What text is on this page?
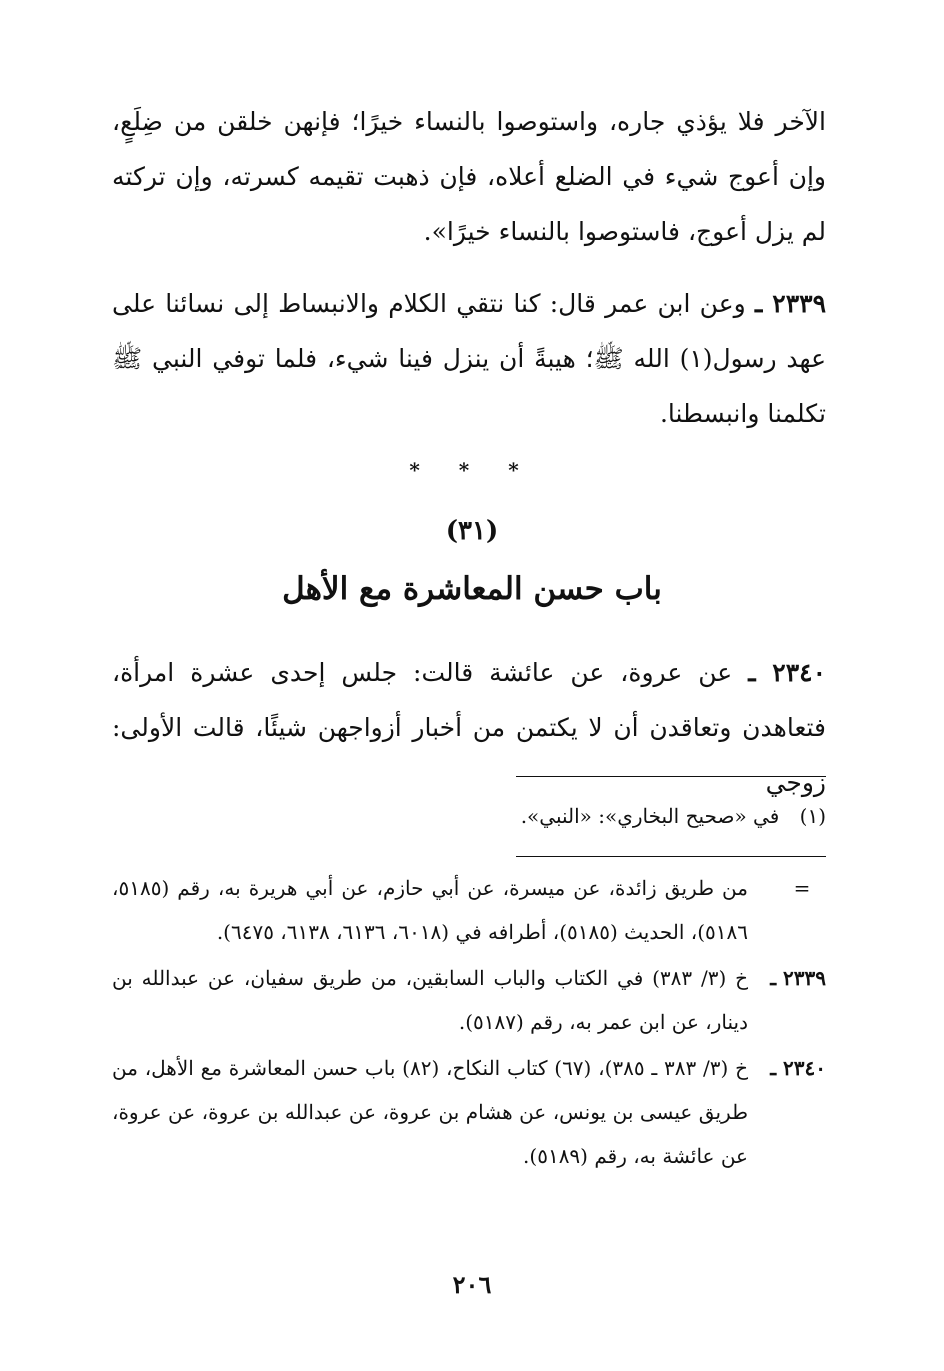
الآخر فلا يؤذي جاره، واستوصوا بالنساء خيرًا؛ فإنهن خلقن من ضِلَعٍ، وإن أعوج شيء في الضلع أعلاه، فإن ذهبت تقيمه كسرته، وإن تركته لم يزل أعوج، فاستوصوا بالنساء خيرًا».

٢٣٣٩ ـ وعن ابن عمر قال: كنا نتقي الكلام والانبساط إلى نسائنا على عهد رسول(١) الله ﷺ؛ هيبةً أن ينزل فينا شيء، فلما توفي النبي ﷺ تكلمنا وانبسطنا.

* * *
(٣١)
باب حسن المعاشرة مع الأهل

٢٣٤٠ ـ عن عروة، عن عائشة قالت: جلس إحدى عشرة امرأة، فتعاهدن وتعاقدن أن لا يكتمن من أخبار أزواجهن شيئًا، قالت الأولى: زوجي

(١) في «صحيح البخاري»: «النبي».
=
من طريق زائدة، عن ميسرة، عن أبي حازم، عن أبي هريرة به، رقم (٥١٨٥، ٥١٨٦)، الحديث (٥١٨٥)، أطرافه في (٦٠١٨، ٦١٣٦، ٦١٣٨، ٦٤٧٥).
٢٣٣٩ ـ
خ (٣/ ٣٨٣) في الكتاب والباب السابقين، من طريق سفيان، عن عبدالله بن دينار، عن ابن عمر به، رقم (٥١٨٧).
٢٣٤٠ ـ
خ (٣/ ٣٨٣ ـ ٣٨٥)، (٦٧) كتاب النكاح، (٨٢) باب حسن المعاشرة مع الأهل، من طريق عيسى بن يونس، عن هشام بن عروة، عن عبدالله بن عروة، عن عروة، عن عائشة به، رقم (٥١٨٩).
٢٠٦
